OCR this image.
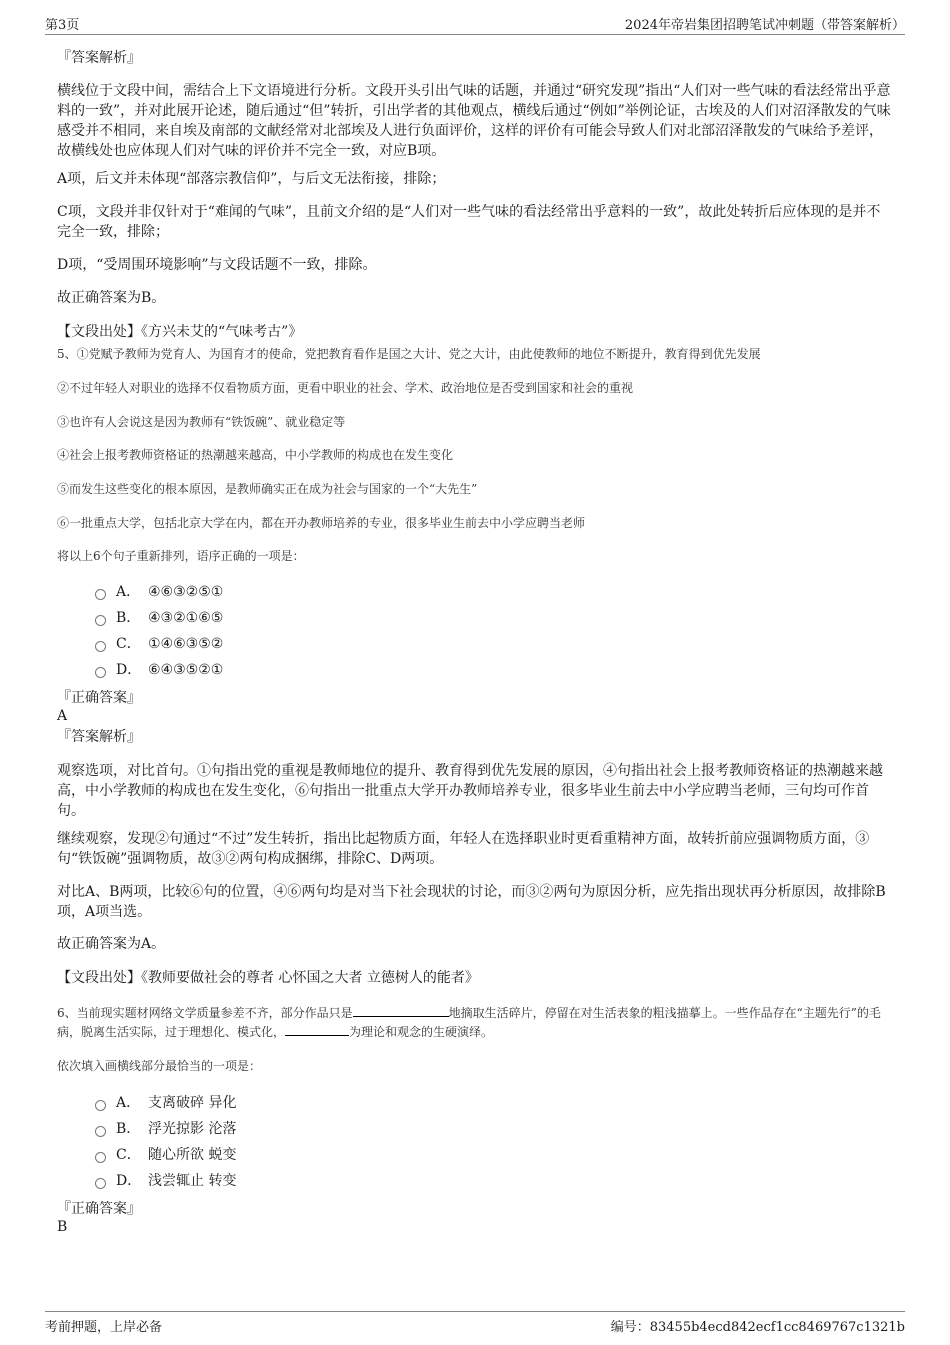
第3页	2024年帝岩集团招聘笔试冲刺题（带答案解析）
『答案解析』
横线位于文段中间，需结合上下文语境进行分析。文段开头引出气味的话题，并通过“研究发现”指出“人们对一些气味的看法经常出乎意料的一致”，并对此展开论述，随后通过“但”转折，引出学者的其他观点，横线后通过“例如”举例论证，古埃及的人们对沼泽散发的气味感受并不相同，来自埃及南部的文献经常对北部埃及人进行负面评价，这样的评价有可能会导致人们对北部沼泽散发的气味给予差评，故横线处也应体现人们对气味的评价并不完全一致，对应B项。
A项，后文并未体现“部落宗教信仰”，与后文无法衔接，排除；
C项，文段并非仅针对于“难闻的气味”，且前文介绍的是“人们对一些气味的看法经常出乎意料的一致”，故此处转折后应体现的是并不完全一致，排除；
D项，“受周围环境影响”与文段话题不一致，排除。
故正确答案为B。
【文段出处】《方兴未艾的“气味考古”》
5、①党赋予教师为党育人、为国育才的使命，党把教育看作是国之大计、党之大计，由此使教师的地位不断提升，教育得到优先发展
②不过年轻人对职业的选择不仅看物质方面，更看中职业的社会、学术、政治地位是否受到国家和社会的重视
③也许有人会说这是因为教师有“铁饭碗”、就业稳定等
④社会上报考教师资格证的热潮越来越高，中小学教师的构成也在发生变化
⑤而发生这些变化的根本原因，是教师确实正在成为社会与国家的一个“大先生”
⑥一批重点大学，包括北京大学在内，都在开办教师培养的专业，很多毕业生前去中小学应聘当老师
将以上6个句子重新排列，语序正确的一项是：
A． ④⑥③②⑤①
B． ④③②①⑥⑤
C． ①④⑥③⑤②
D． ⑥④③⑤②①
『正确答案』
A
『答案解析』
观察选项，对比首句。①句指出党的重视是教师地位的提升、教育得到优先发展的原因，④句指出社会上报考教师资格证的热潮越来越高，中小学教师的构成也在发生变化，⑥句指出一批重点大学开办教师培养专业，很多毕业生前去中小学应聘当老师，三句均可作首句。
继续观察，发现②句通过“不过”发生转折，指出比起物质方面，年轻人在选择职业时更看重精神方面，故转折前应强调物质方面，③句“铁饭碗”强调物质，故③②两句构成捆绑，排除C、D两项。
对比A、B两项，比较⑥句的位置，④⑥两句均是对当下社会现状的讨论，而③②两句为原因分析，应先指出现状再分析原因，故排除B项，A项当选。
故正确答案为A。
【文段出处】《教师要做社会的尊者 心怀国之大者 立德树人的能者》
6、当前现实题材网络文学质量参差不齐，部分作品只是	地摘取生活碎片，停留在对生活表象的粗浅描摹上。一些作品存在“主题先行”的毛病，脱离生活实际，过于理想化、模式化，	为理论和观念的生硬演绎。
依次填入画横线部分最恰当的一项是：
A． 支离破碎 异化
B． 浮光掠影 沦落
C． 随心所欲 蜕变
D． 浅尝辄止 转变
『正确答案』
B
考前押题，上岸必备	编号：83455b4ecd842ecf1cc8469767c1321b
